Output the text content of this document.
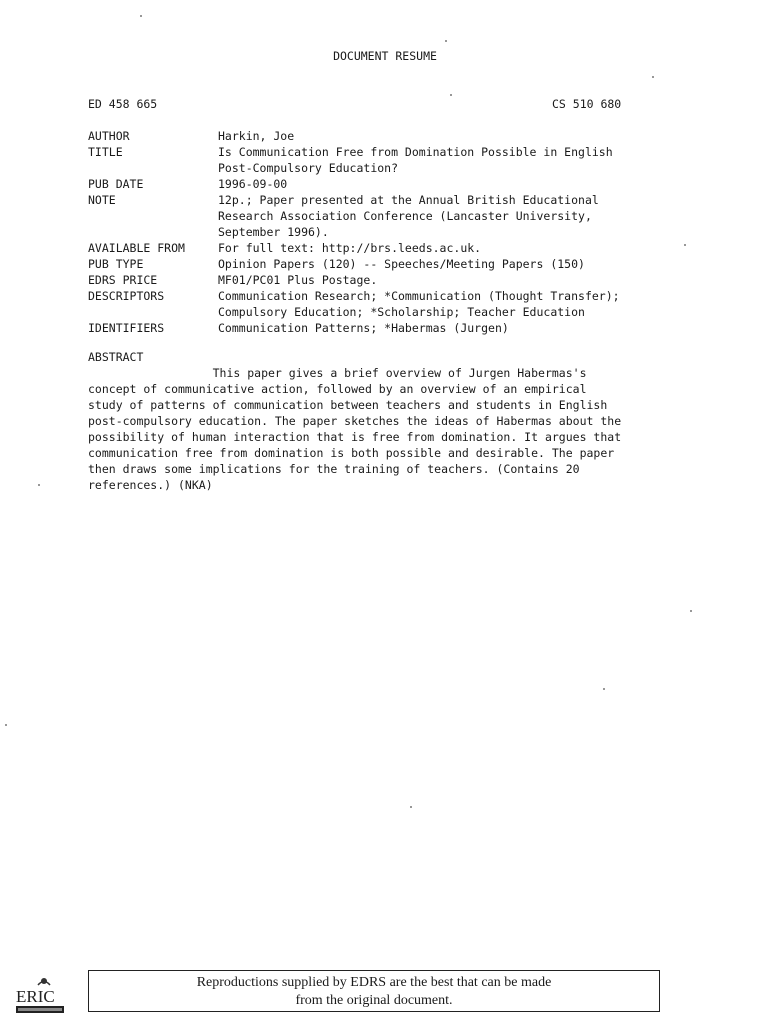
DOCUMENT RESUME
ED 458 665	CS 510 680
AUTHOR	Harkin, Joe
TITLE	Is Communication Free from Domination Possible in English
Post-Compulsory Education?
PUB DATE	1996-09-00
NOTE	12p.; Paper presented at the Annual British Educational
Research Association Conference (Lancaster University,
September 1996).
AVAILABLE FROM	For full text: http://brs.leeds.ac.uk.
PUB TYPE	Opinion Papers (120) -- Speeches/Meeting Papers (150)
EDRS PRICE	MF01/PC01 Plus Postage.
DESCRIPTORS	Communication Research; *Communication (Thought Transfer);
Compulsory Education; *Scholarship; Teacher Education
IDENTIFIERS	Communication Patterns; *Habermas (Jurgen)
ABSTRACT
This paper gives a brief overview of Jurgen Habermas's
concept of communicative action, followed by an overview of an empirical
study of patterns of communication between teachers and students in English
post-compulsory education. The paper sketches the ideas of Habermas about the
possibility of human interaction that is free from domination. It argues that
communication free from domination is both possible and desirable. The paper
then draws some implications for the training of teachers. (Contains 20
references.) (NKA)
ERIC
Reproductions supplied by EDRS are the best that can be made
from the original document.
